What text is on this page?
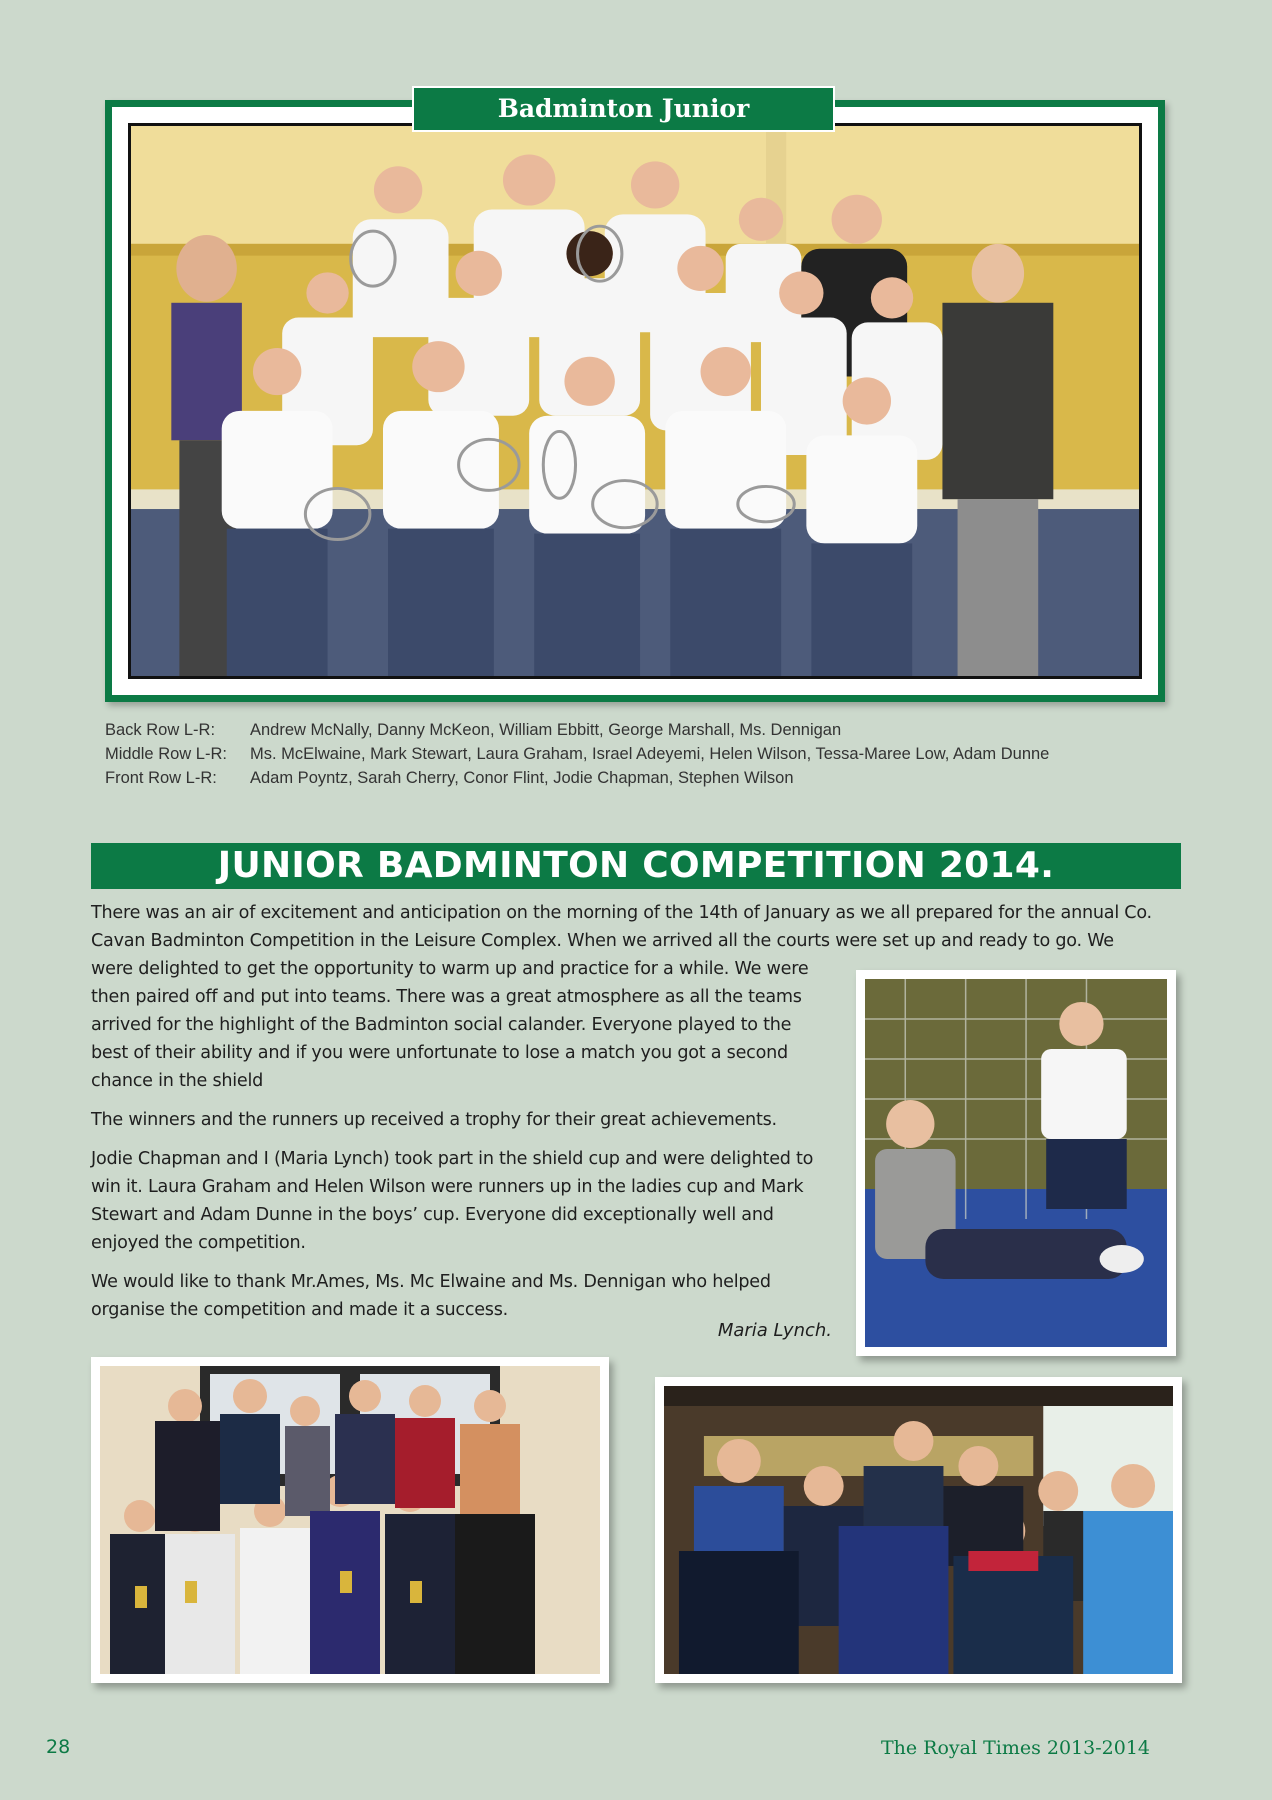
Badminton Junior
Back Row L-R:	Andrew McNally, Danny McKeon, William Ebbitt, George Marshall, Ms. Dennigan
Middle Row L-R:	Ms. McElwaine, Mark Stewart, Laura Graham, Israel Adeyemi, Helen Wilson, Tessa-Maree Low, Adam Dunne
Front Row L-R:	Adam Poyntz, Sarah Cherry, Conor Flint, Jodie Chapman, Stephen Wilson
JUNIOR BADMINTON COMPETITION 2014.

There was an air of excitement and anticipation on the morning of the 14th of January as we all prepared for the annual Co. Cavan Badminton Competition in the Leisure Complex. When we arrived all the courts were set up and ready to go. We

were delighted to get the opportunity to warm up and practice for a while. We were then paired off and put into teams. There was a great atmosphere as all the teams arrived for the highlight of the Badminton social calander. Everyone played to the best of their ability and if you were unfortunate to lose a match you got a second chance in the shield

The winners and the runners up received a trophy for their great achievements.

Jodie Chapman and I (Maria Lynch) took part in the shield cup and were delighted to win it. Laura Graham and Helen Wilson were runners up in the ladies cup and Mark Stewart and Adam Dunne in the boys’ cup. Everyone did exceptionally well and enjoyed the competition.

We would like to thank Mr.Ames, Ms. Mc Elwaine and Ms. Dennigan who helped organise the competition and made it a success.

Maria Lynch.
28	The Royal Times 2013-2014
